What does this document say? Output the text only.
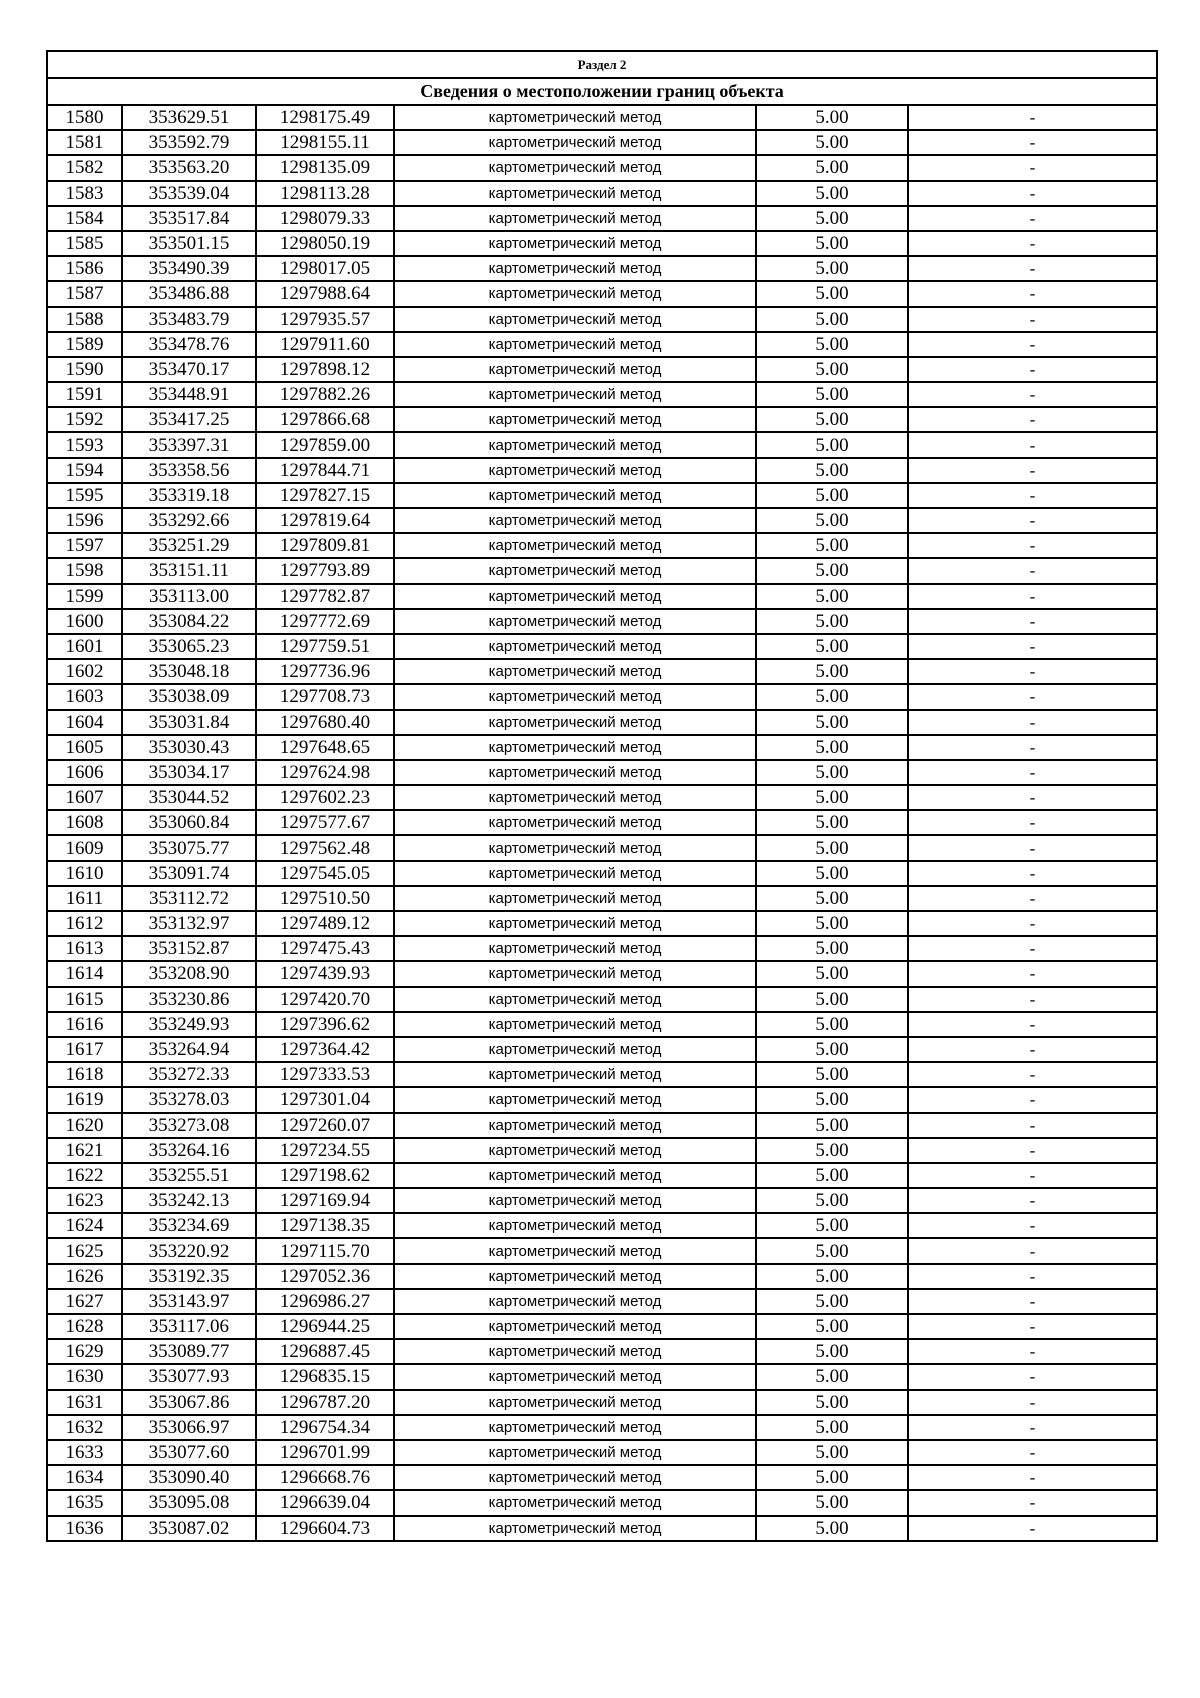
Раздел 2					
Сведения о местоположении границ объекта					
1580	353629.51	1298175.49	картометрический метод	5.00	-
1581	353592.79	1298155.11	картометрический метод	5.00	-
1582	353563.20	1298135.09	картометрический метод	5.00	-
1583	353539.04	1298113.28	картометрический метод	5.00	-
1584	353517.84	1298079.33	картометрический метод	5.00	-
1585	353501.15	1298050.19	картометрический метод	5.00	-
1586	353490.39	1298017.05	картометрический метод	5.00	-
1587	353486.88	1297988.64	картометрический метод	5.00	-
1588	353483.79	1297935.57	картометрический метод	5.00	-
1589	353478.76	1297911.60	картометрический метод	5.00	-
1590	353470.17	1297898.12	картометрический метод	5.00	-
1591	353448.91	1297882.26	картометрический метод	5.00	-
1592	353417.25	1297866.68	картометрический метод	5.00	-
1593	353397.31	1297859.00	картометрический метод	5.00	-
1594	353358.56	1297844.71	картометрический метод	5.00	-
1595	353319.18	1297827.15	картометрический метод	5.00	-
1596	353292.66	1297819.64	картометрический метод	5.00	-
1597	353251.29	1297809.81	картометрический метод	5.00	-
1598	353151.11	1297793.89	картометрический метод	5.00	-
1599	353113.00	1297782.87	картометрический метод	5.00	-
1600	353084.22	1297772.69	картометрический метод	5.00	-
1601	353065.23	1297759.51	картометрический метод	5.00	-
1602	353048.18	1297736.96	картометрический метод	5.00	-
1603	353038.09	1297708.73	картометрический метод	5.00	-
1604	353031.84	1297680.40	картометрический метод	5.00	-
1605	353030.43	1297648.65	картометрический метод	5.00	-
1606	353034.17	1297624.98	картометрический метод	5.00	-
1607	353044.52	1297602.23	картометрический метод	5.00	-
1608	353060.84	1297577.67	картометрический метод	5.00	-
1609	353075.77	1297562.48	картометрический метод	5.00	-
1610	353091.74	1297545.05	картометрический метод	5.00	-
1611	353112.72	1297510.50	картометрический метод	5.00	-
1612	353132.97	1297489.12	картометрический метод	5.00	-
1613	353152.87	1297475.43	картометрический метод	5.00	-
1614	353208.90	1297439.93	картометрический метод	5.00	-
1615	353230.86	1297420.70	картометрический метод	5.00	-
1616	353249.93	1297396.62	картометрический метод	5.00	-
1617	353264.94	1297364.42	картометрический метод	5.00	-
1618	353272.33	1297333.53	картометрический метод	5.00	-
1619	353278.03	1297301.04	картометрический метод	5.00	-
1620	353273.08	1297260.07	картометрический метод	5.00	-
1621	353264.16	1297234.55	картометрический метод	5.00	-
1622	353255.51	1297198.62	картометрический метод	5.00	-
1623	353242.13	1297169.94	картометрический метод	5.00	-
1624	353234.69	1297138.35	картометрический метод	5.00	-
1625	353220.92	1297115.70	картометрический метод	5.00	-
1626	353192.35	1297052.36	картометрический метод	5.00	-
1627	353143.97	1296986.27	картометрический метод	5.00	-
1628	353117.06	1296944.25	картометрический метод	5.00	-
1629	353089.77	1296887.45	картометрический метод	5.00	-
1630	353077.93	1296835.15	картометрический метод	5.00	-
1631	353067.86	1296787.20	картометрический метод	5.00	-
1632	353066.97	1296754.34	картометрический метод	5.00	-
1633	353077.60	1296701.99	картометрический метод	5.00	-
1634	353090.40	1296668.76	картометрический метод	5.00	-
1635	353095.08	1296639.04	картометрический метод	5.00	-
1636	353087.02	1296604.73	картометрический метод	5.00	-
